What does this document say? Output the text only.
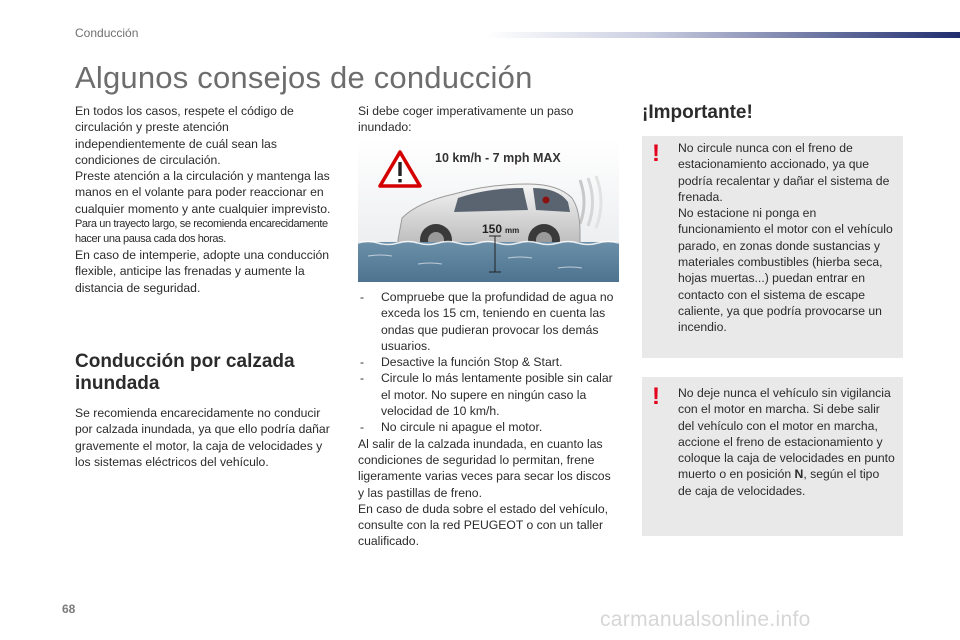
Conducción
Algunos consejos de conducción

En todos los casos, respete el código de circulación y preste atención independientemente de cuál sean las condiciones de circulación.

Preste atención a la circulación y mantenga las manos en el volante para poder reaccionar en cualquier momento y ante cualquier imprevisto.

Para un trayecto largo, se recomienda encarecidamente hacer una pausa cada dos horas.

En caso de intemperie, adopte una conducción flexible, anticipe las frenadas y aumente la distancia de seguridad.

Conducción por calzada inundada
Se recomienda encarecidamente no conducir por calzada inundada, ya que ello podría dañar gravemente el motor, la caja de velocidades y los sistemas eléctricos del vehículo.
Si debe coger imperativamente un paso inundado:
10 km/h - 7 mph MAX
150 mm
- Compruebe que la profundidad de agua no exceda los 15 cm, teniendo en cuenta las ondas que pudieran provocar los demás usuarios.
- Desactive la función Stop & Start.
- Circule lo más lentamente posible sin calar el motor. No supere en ningún caso la velocidad de 10 km/h.
- No circule ni apague el motor.

Al salir de la calzada inundada, en cuanto las condiciones de seguridad lo permitan, frene ligeramente varias veces para secar los discos y las pastillas de freno.

En caso de duda sobre el estado del vehículo, consulte con la red PEUGEOT o con un taller cualificado.

¡Importante!
! No circule nunca con el freno de estacionamiento accionado, ya que podría recalentar y dañar el sistema de frenada.
No estacione ni ponga en funcionamiento el motor con el vehículo parado, en zonas donde sustancias y materiales combustibles (hierba seca, hojas muertas...) puedan entrar en contacto con el sistema de escape caliente, ya que podría provocarse un incendio.
! No deje nunca el vehículo sin vigilancia con el motor en marcha. Si debe salir del vehículo con el motor en marcha, accione el freno de estacionamiento y coloque la caja de velocidades en punto muerto o en posición N, según el tipo de caja de velocidades.
68	carmanualsonline.info
